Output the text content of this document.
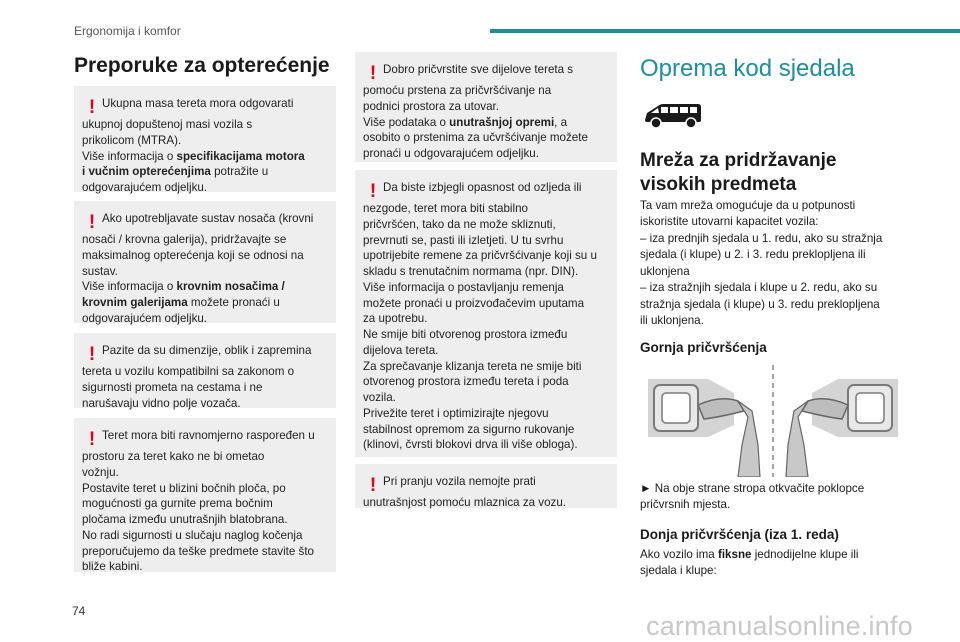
Ergonomija i komfor
Preporuke za opterećenje
! Ukupna masa tereta mora odgovarati
ukupnoj dopuštenoj masi vozila s
prikolicom (MTRA).
Više informacija o specifikacijama motora
i vučnim opterećenjima potražite u
odgovarajućem odjeljku.

! Ako upotrebljavate sustav nosača (krovni
nosači / krovna galerija), pridržavajte se
maksimalnog opterećenja koji se odnosi na
sustav.
Više informacija o krovnim nosačima /
krovnim galerijama možete pronaći u
odgovarajućem odjeljku.

! Pazite da su dimenzije, oblik i zapremina
tereta u vozilu kompatibilni sa zakonom o
sigurnosti prometa na cestama i ne
narušavaju vidno polje vozača.

! Teret mora biti ravnomjerno raspoređen u
prostoru za teret kako ne bi ometao
vožnju.
Postavite teret u blizini bočnih ploča, po
mogućnosti ga gurnite prema bočnim
pločama između unutrašnjih blatobrana.
No radi sigurnosti u slučaju naglog kočenja
preporučujemo da teške predmete stavite što
bliže kabini.

! Dobro pričvrstite sve dijelove tereta s
pomoću prstena za pričvršćivanje na
podnici prostora za utovar.
Više podataka o unutrašnjoj opremi, a
osobito o prstenima za učvršćivanje možete
pronaći u odgovarajućem odjeljku.

! Da biste izbjegli opasnost od ozljeda ili
nezgode, teret mora biti stabilno
pričvršćen, tako da ne može skliznuti,
prevrnuti se, pasti ili izletjeti. U tu svrhu
upotrijebite remene za pričvršćivanje koji su u
skladu s trenutačnim normama (npr. DIN).
Više informacija o postavljanju remenja
možete pronaći u proizvođačevim uputama
za upotrebu.
Ne smije biti otvorenog prostora između
dijelova tereta.
Za sprečavanje klizanja tereta ne smije biti
otvorenog prostora između tereta i poda
vozila.
Privežite teret i optimizirajte njegovu
stabilnost opremom za sigurno rukovanje
(klinovi, čvrsti blokovi drva ili više obloga).

! Pri pranju vozila nemojte prati
unutrašnjost pomoću mlaznica za vozu.

Oprema kod sjedala
Mreža za pridržavanje visokih predmeta

Ta vam mreža omogućuje da u potpunosti
iskoristite utovarni kapacitet vozila:
– iza prednjih sjedala u 1. redu, ako su stražnja
sjedala (i klupe) u 2. i 3. redu preklopljena ili
uklonjena
– iza stražnjih sjedala i klupe u 2. redu, ako su
stražnja sjedala (i klupe) u 3. redu preklopljena
ili uklonjena.

Gornja pričvršćenja

► Na obje strane stropa otkvačite poklopce
pričvrsnih mjesta.

Donja pričvršćenja (iza 1. reda)

Ako vozilo ima fiksne jednodijelne klupe ili
sjedala i klupe:

74	carmanualsonline.info
